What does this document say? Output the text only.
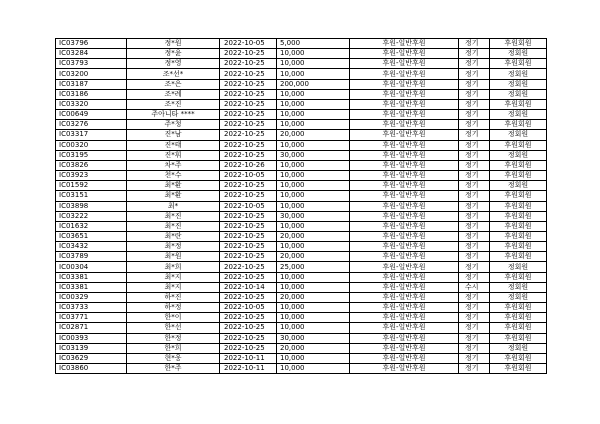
IC03796	정*원	2022-10-05	5,000	후원-일반후원	정기	후원회원
IC03284	정*윤	2022-10-25	10,000	후원-일반후원	정기	정회원
IC03793	정*영	2022-10-25	10,000	후원-일반후원	정기	후원회원
IC03200	조*선*	2022-10-25	10,000	후원-일반후원	정기	정회원
IC03187	조*은	2022-10-25	200,000	후원-일반후원	정기	정회원
IC03186	조*례	2022-10-25	10,000	후원-일반후원	정기	정회원
IC03320	조*진	2022-10-25	10,000	후원-일반후원	정기	후원회원
IC00649	주아니타 ****	2022-10-25	10,000	후원-일반후원	정기	정회원
IC03276	주*청	2022-10-25	10,000	후원-일반후원	정기	후원회원
IC03317	진*남	2022-10-25	20,000	후원-일반후원	정기	정회원
IC00320	진*태	2022-10-25	10,000	후원-일반후원	정기	후원회원
IC03195	진*휘	2022-10-25	30,000	후원-일반후원	정기	정회원
IC03826	차*주	2022-10-26	10,000	후원-일반후원	정기	후원회원
IC03923	천*수	2022-10-05	10,000	후원-일반후원	정기	후원회원
IC01592	최*환	2022-10-25	10,000	후원-일반후원	정기	정회원
IC03151	최*환	2022-10-25	10,000	후원-일반후원	정기	후원회원
IC03898	최*	2022-10-05	10,000	후원-일반후원	정기	후원회원
IC03222	최*진	2022-10-25	30,000	후원-일반후원	정기	후원회원
IC01632	최*진	2022-10-25	10,000	후원-일반후원	정기	후원회원
IC03651	최*란	2022-10-25	20,000	후원-일반후원	정기	후원회원
IC03432	최*정	2022-10-25	10,000	후원-일반후원	정기	후원회원
IC03789	최*원	2022-10-25	20,000	후원-일반후원	정기	후원회원
IC00304	최*희	2022-10-25	25,000	후원-일반후원	정기	정회원
IC03381	최*지	2022-10-25	10,000	후원-일반후원	정기	후원회원
IC03381	최*지	2022-10-14	10,000	후원-일반후원	수시	정회원
IC00329	하*진	2022-10-25	20,000	후원-일반후원	정기	정회원
IC03733	하*정	2022-10-05	10,000	후원-일반후원	정기	후원회원
IC03771	한*이	2022-10-25	10,000	후원-일반후원	정기	후원회원
IC02871	한*선	2022-10-25	10,000	후원-일반후원	정기	후원회원
IC00393	한*정	2022-10-25	30,000	후원-일반후원	정기	후원회원
IC03139	한*희	2022-10-25	20,000	후원-일반후원	정기	정회원
IC03629	현*웅	2022-10-11	10,000	후원-일반후원	정기	후원회원
IC03860	한*주	2022-10-11	10,000	후원-일반후원	정기	후원회원
